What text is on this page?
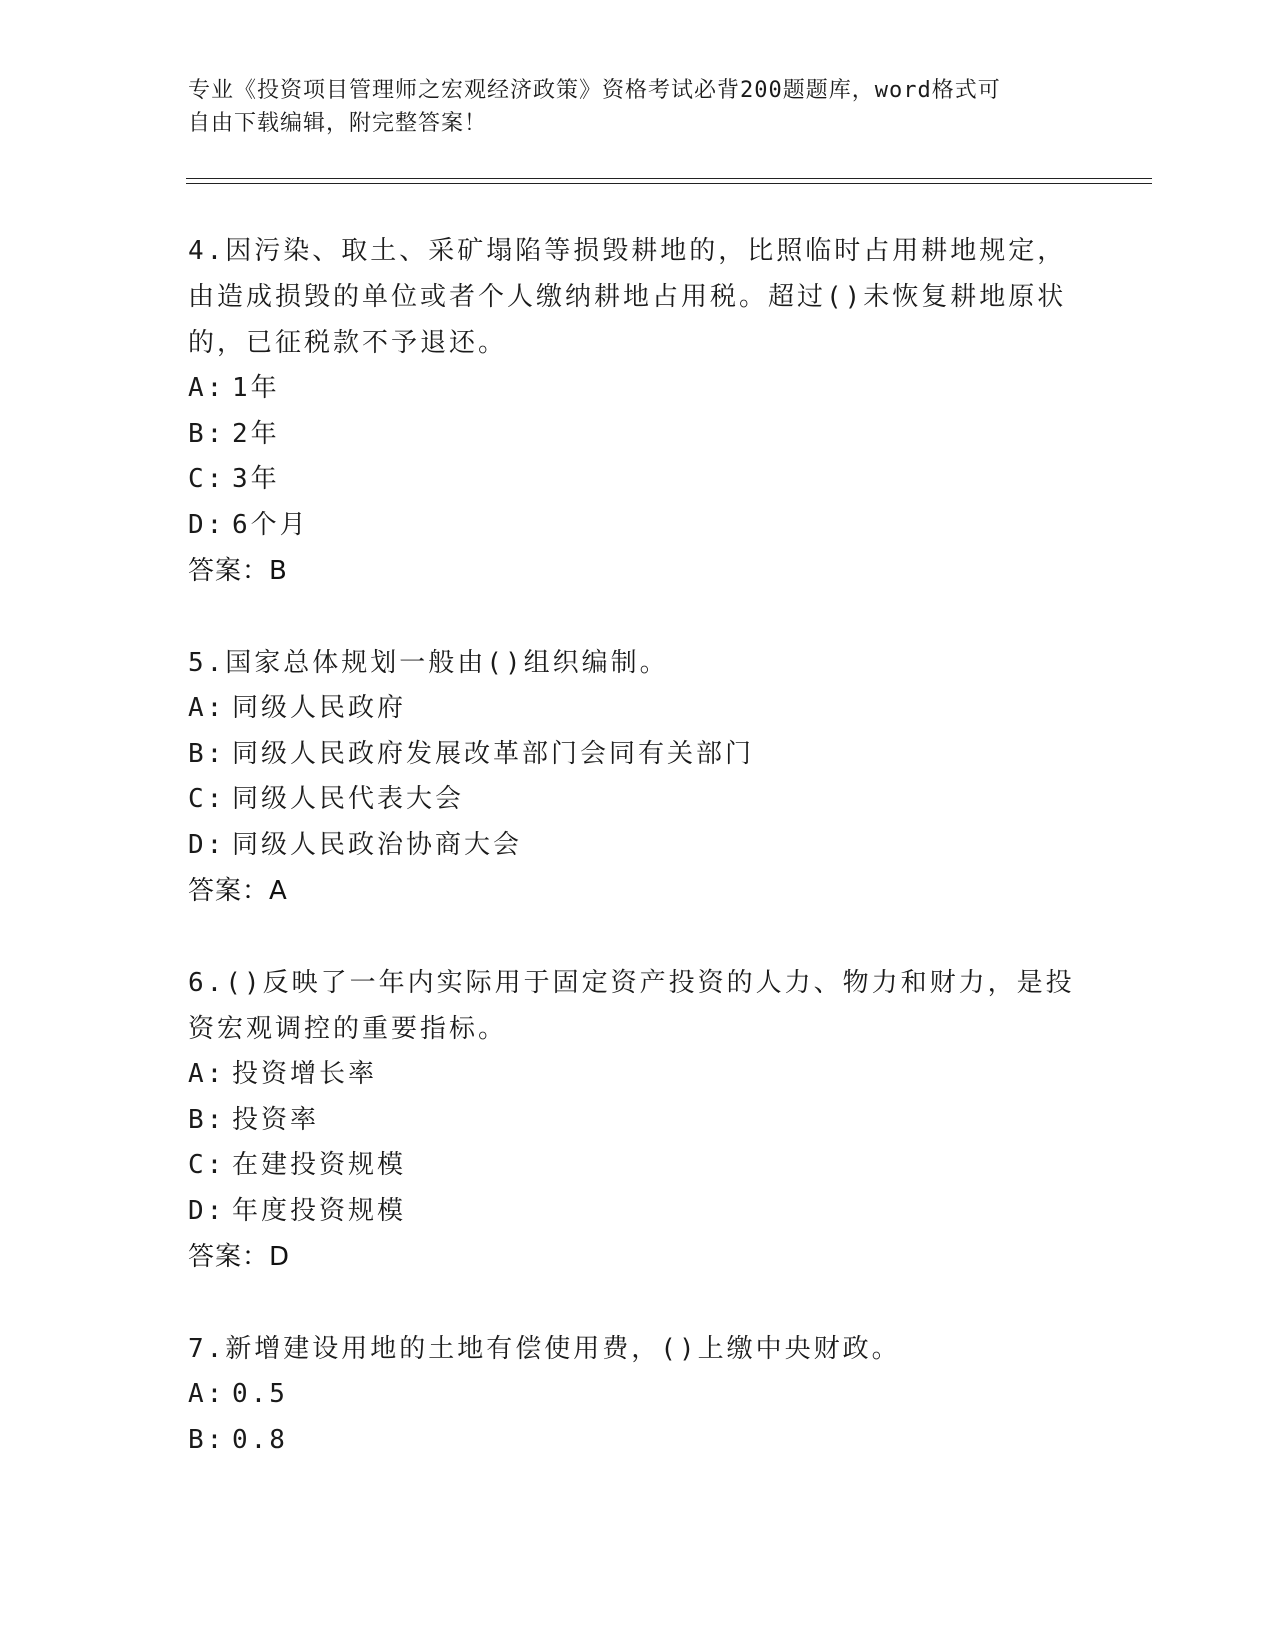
专业《投资项目管理师之宏观经济政策》资格考试必背200题题库，word格式可
自由下载编辑，附完整答案！

4.因污染、取土、采矿塌陷等损毁耕地的，比照临时占用耕地规定，

由造成损毁的单位或者个人缴纳耕地占用税。超过()未恢复耕地原状

的，已征税款不予退还。

A: 1年

B: 2年

C: 3年

D: 6个月

答案：B

5.国家总体规划一般由()组织编制。

A: 同级人民政府

B: 同级人民政府发展改革部门会同有关部门

C: 同级人民代表大会

D: 同级人民政治协商大会

答案：A

6.()反映了一年内实际用于固定资产投资的人力、物力和财力，是投

资宏观调控的重要指标。

A: 投资增长率

B: 投资率

C: 在建投资规模

D: 年度投资规模

答案：D

7.新增建设用地的土地有偿使用费，()上缴中央财政。

A: 0.5

B: 0.8
